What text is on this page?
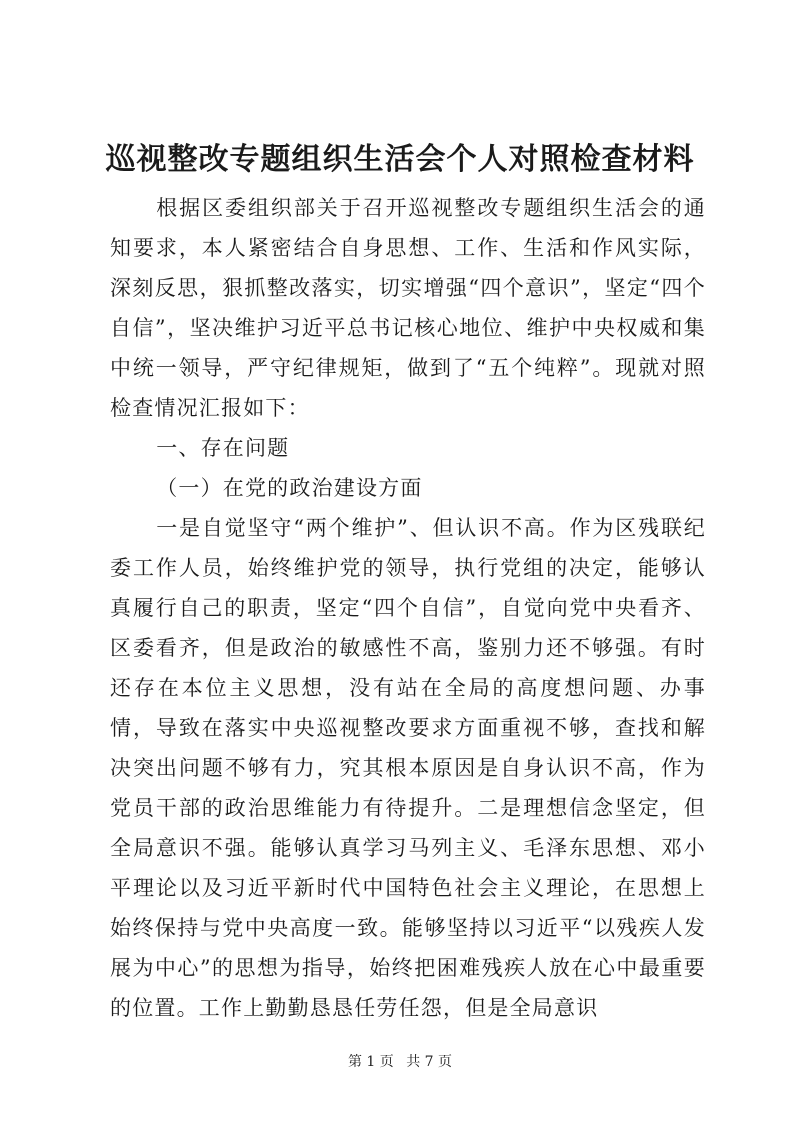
巡视整改专题组织生活会个人对照检查材料

根据区委组织部关于召开巡视整改专题组织生活会的通知要求，本人紧密结合自身思想、工作、生活和作风实际，深刻反思，狠抓整改落实，切实增强“四个意识”，坚定“四个自信”，坚决维护习近平总书记核心地位、维护中央权威和集中统一领导，严守纪律规矩，做到了“五个纯粹”。现就对照检查情况汇报如下：

一、存在问题

（一）在党的政治建设方面

一是自觉坚守“两个维护”、但认识不高。作为区残联纪委工作人员，始终维护党的领导，执行党组的决定，能够认真履行自己的职责，坚定“四个自信”，自觉向党中央看齐、区委看齐，但是政治的敏感性不高，鉴别力还不够强。有时还存在本位主义思想，没有站在全局的高度想问题、办事情，导致在落实中央巡视整改要求方面重视不够，查找和解决突出问题不够有力，究其根本原因是自身认识不高，作为党员干部的政治思维能力有待提升。二是理想信念坚定，但全局意识不强。能够认真学习马列主义、毛泽东思想、邓小平理论以及习近平新时代中国特色社会主义理论，在思想上始终保持与党中央高度一致。能够坚持以习近平“以残疾人发展为中心”的思想为指导，始终把困难残疾人放在心中最重要的位置。工作上勤勤恳恳任劳任怨，但是全局意识

第 1 页 共 7 页
